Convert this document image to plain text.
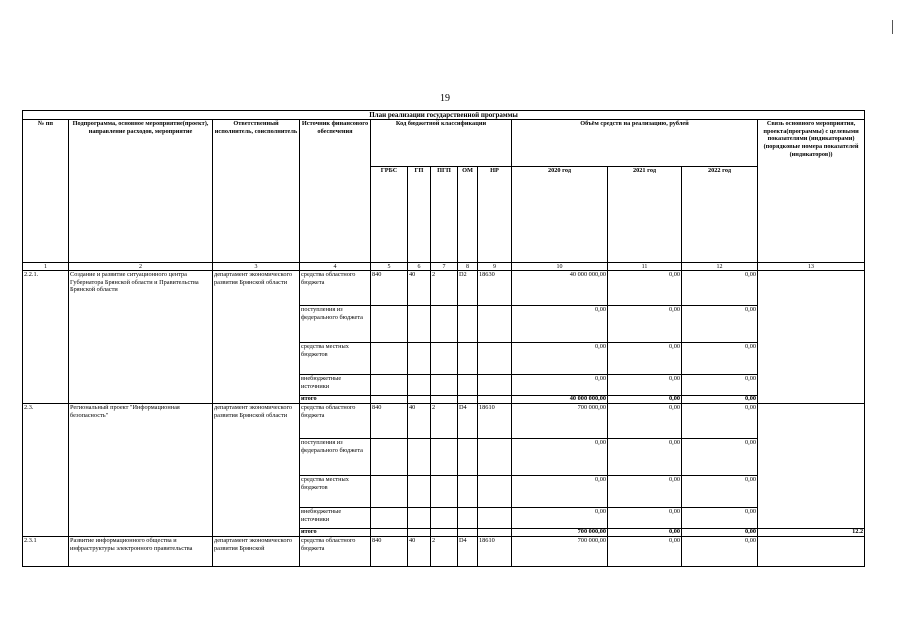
19
План реализации государственной программы												
№ пп	Подпрограмма, основное мероприятие(проект), направление расходов, мероприятие	Ответственный исполнитель, соисполнитель	Источник финансового обеспечения	Код бюджетной классификации					Объём средств на реализацию, рублей			Связь основного мероприятия, проекта(программы) с целевыми показателями (индикаторами) (порядковые номера показателей (индикаторов))
				ГРБС	ГП	ПГП	ОМ	НР	2020 год	2021 год	2022 год	
1	2	3	4	5	6	7	8	9	10	11	12	13
2.2.1.	Создание и развитие ситуационного центра Губернатора Брянской области и Правительства Брянской области	департамент экономического развития Брянской области	средства областного бюджета	840	40	2	D2	18630	40 000 000,00	0,00	0,00	
			поступления из федерального бюджета						0,00	0,00	0,00	
			средства местных бюджетов						0,00	0,00	0,00	
			внебюджетные источники						0,00	0,00	0,00	
			итого						40 000 000,00	0,00	0,00	
2.3.	Региональный проект "Информационная безопасность"	департамент экономического развития Брянской области	средства областного бюджета	840	40	2	D4	18610	700 000,00	0,00	0,00	
			поступления из федерального бюджета						0,00	0,00	0,00	
			средства местных бюджетов						0,00	0,00	0,00	
			внебюджетные источники						0,00	0,00	0,00	
			итого						700 000,00	0,00	0,00	12.2
2.3.1	Развитие информационного общества и инфраструктуры электронного правительства	департамент экономического развития Брянской	средства областного бюджета	840	40	2	D4	18610	700 000,00	0,00	0,00	
